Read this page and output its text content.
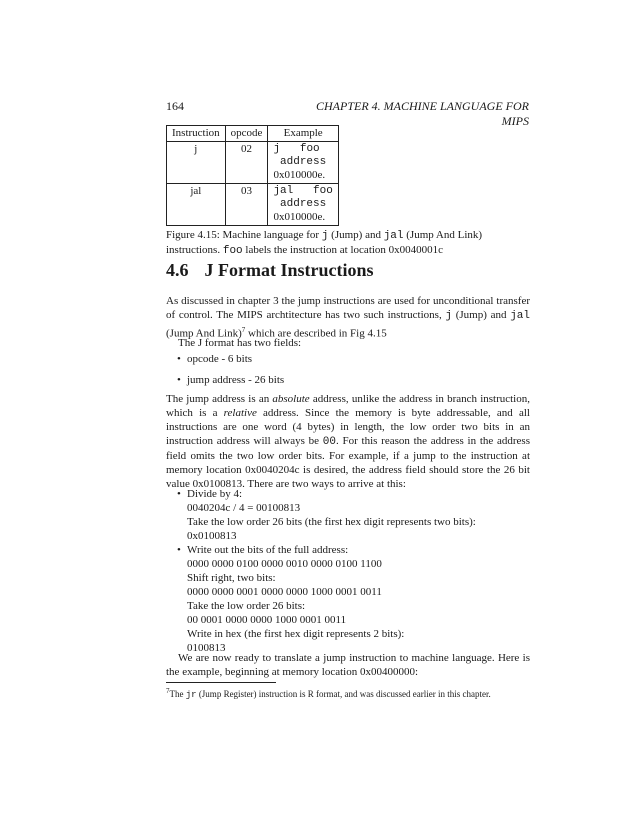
164	CHAPTER 4. MACHINE LANGUAGE FOR MIPS
Instruction	opcode	Example
j	02	j   foo
address
0x010000e.

jal	03	jal   foo
address
0x010000e.
Figure 4.15: Machine language for j (Jump) and jal (Jump And Link) instructions. foo labels the instruction at location 0x0040001c
4.6 J Format Instructions
As discussed in chapter 3 the jump instructions are used for unconditional transfer of control. The MIPS archtitecture has two such instructions, j (Jump) and jal (Jump And Link)$^7$ which are described in Fig 4.15
The J format has two fields:
• opcode - 6 bits
• jump address - 26 bits
The jump address is an absolute address, unlike the address in branch instruction, which is a relative address. Since the memory is byte addressable, and all instructions are one word (4 bytes) in length, the low order two bits in an instruction address will always be 00. For this reason the address in the address field omits the two low order bits. For example, if a jump to the instruction at memory location 0x0040204c is desired, the address field should store the 26 bit value 0x0100813. There are two ways to arrive at this:
• Divide by 4:
0040204c / 4 = 00100813
Take the low order 26 bits (the first hex digit represents two bits):
0x0100813
• Write out the bits of the full address:
0000 0000 0100 0000 0010 0000 0100 1100
Shift right, two bits:
0000 0000 0001 0000 0000 1000 0001 0011
Take the low order 26 bits:
00 0001 0000 0000 1000 0001 0011
Write in hex (the first hex digit represents 2 bits):
0100813
We are now ready to translate a jump instruction to machine language. Here is the example, beginning at memory location 0x00400000:
$^7$The jr (Jump Register) instruction is R format, and was discussed earlier in this chapter.
